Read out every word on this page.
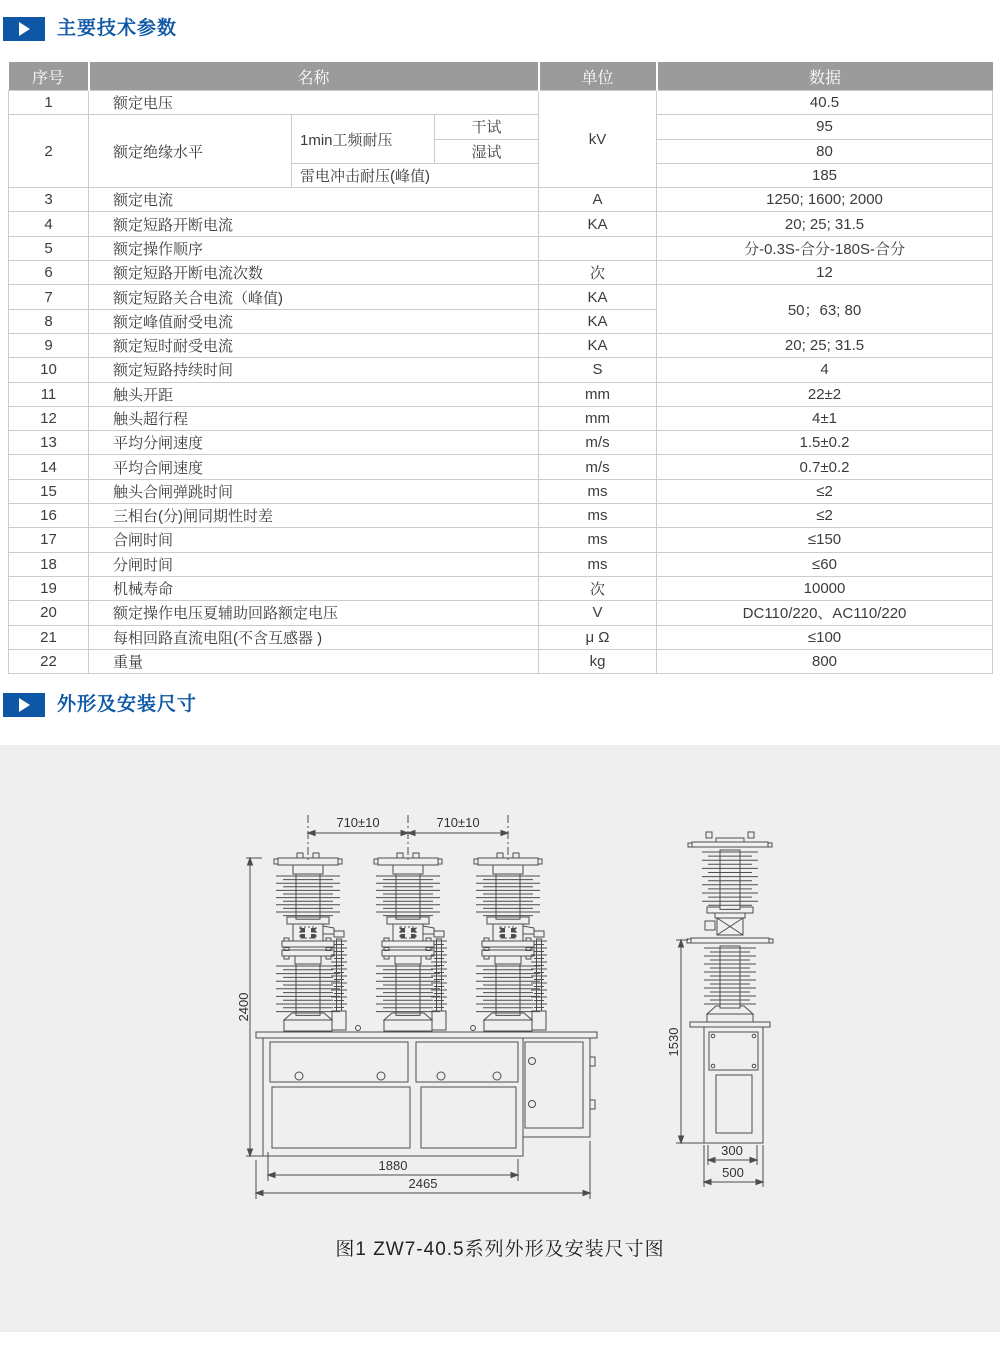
主要技术参数
序号	名称			单位	数据
1	额定电压			kV	40.5
2	额定绝缘水平	1min工频耐压	干试		95
			湿试		80
		雷电冲击耐压(峰值)			185
3	额定电流			A	1250; 1600; 2000
4	额定短路开断电流			KA	20; 25; 31.5
5	额定操作顺序				分-0.3S-合分-180S-合分
6	额定短路开断电流次数			次	12
7	额定短路关合电流（峰值)			KA	50；63; 80
8	额定峰值耐受电流			KA	
9	额定短时耐受电流			KA	20; 25; 31.5
10	额定短路持续时间			S	4
11	触头开距			mm	22±2
12	触头超行程			mm	4±1
13	平均分闸速度			m/s	1.5±0.2
14	平均合闸速度			m/s	0.7±0.2
15	触头合闸弹跳时间			ms	≤2
16	三相台(分)闸同期性时差			ms	≤2
17	合闸时间			ms	≤150
18	分闸时间			ms	≤60
19	机械寿命			次	10000
20	额定操作电压夏辅助回路额定电压			V	DC110/220、AC110/220
21	每相回路直流电阻(不含互感器 )			μ Ω	≤100
22	重量			kg	800
外形及安装尺寸
710±10	710±10
2400
1880
2465
1530
300
500
图1 ZW7-40.5系列外形及安装尺寸图
